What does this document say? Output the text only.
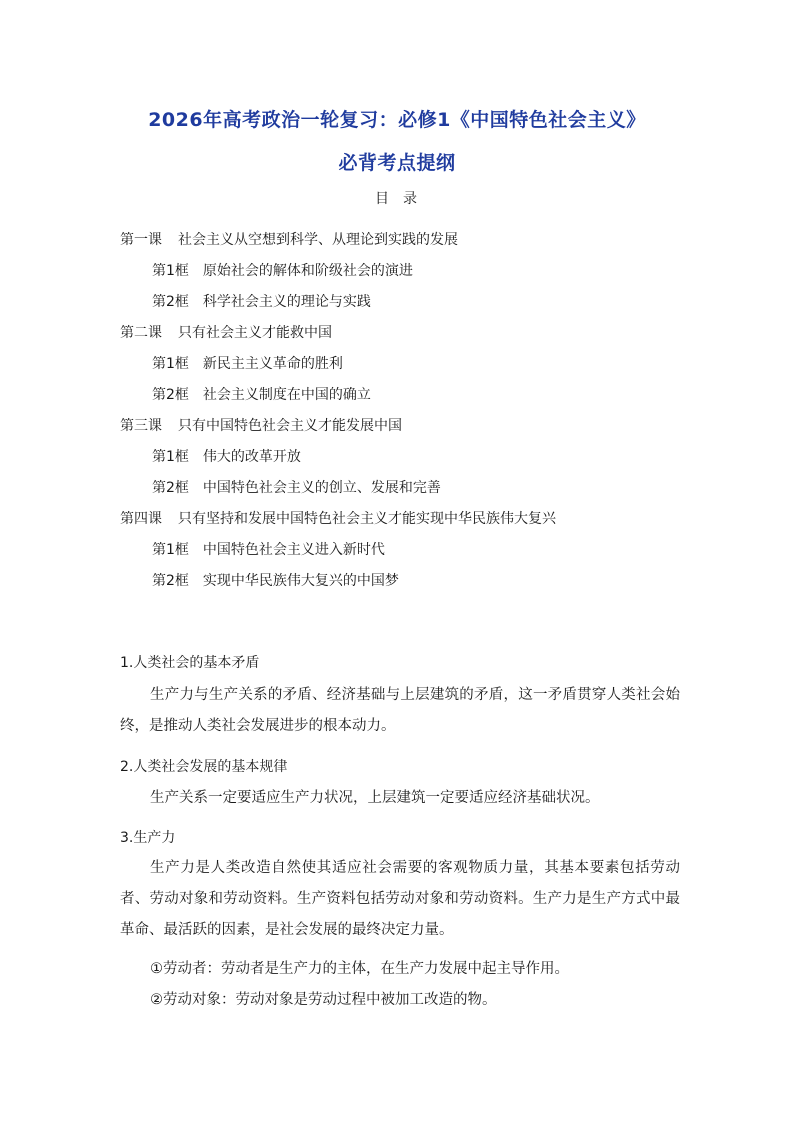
2026年高考政治一轮复习：必修1《中国特色社会主义》
必背考点提纲
目录
第一课 社会主义从空想到科学、从理论到实践的发展
第1框 原始社会的解体和阶级社会的演进
第2框 科学社会主义的理论与实践
第二课 只有社会主义才能救中国
第1框 新民主主义革命的胜利
第2框 社会主义制度在中国的确立
第三课 只有中国特色社会主义才能发展中国
第1框 伟大的改革开放
第2框 中国特色社会主义的创立、发展和完善
第四课 只有坚持和发展中国特色社会主义才能实现中华民族伟大复兴
第1框 中国特色社会主义进入新时代
第2框 实现中华民族伟大复兴的中国梦
1.人类社会的基本矛盾
生产力与生产关系的矛盾、经济基础与上层建筑的矛盾，这一矛盾贯穿人类社会始终，是推动人类社会发展进步的根本动力。
2.人类社会发展的基本规律
生产关系一定要适应生产力状况，上层建筑一定要适应经济基础状况。
3.生产力
生产力是人类改造自然使其适应社会需要的客观物质力量，其基本要素包括劳动者、劳动对象和劳动资料。生产资料包括劳动对象和劳动资料。生产力是生产方式中最革命、最活跃的因素，是社会发展的最终决定力量。
①劳动者：劳动者是生产力的主体，在生产力发展中起主导作用。
②劳动对象：劳动对象是劳动过程中被加工改造的物。
